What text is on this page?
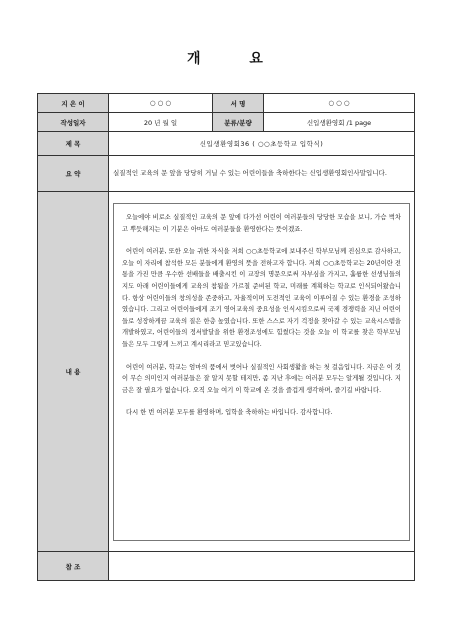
개 요
지 은 이	○ ○ ○	서 명	○ ○ ○
작성일자	20 년 월 일	분류/분량	신입생환영회 /1 page
제 목	신입생환영회36 ( ○○초등학교 입학식)		
요 약	실질적인 교육의 문 앞을 당당히 거닐 수 있는 어린이들을 축하한다는 신입생환영회인사말입니다.		
내 용	오늘에야 비로소 실질적인 교육의 문 앞에 다가선 어린이 여러분들의 당당한 모습을 보니, 가슴 벅차고 뿌듯해지는 이 기분은 아마도 여러분들을 환영한다는 뜻이겠죠.

어린이 여러분, 또한 오늘 귀한 자식을 저희 ○○초등학교에 보내주신 학부모님께 진심으로 감사하고, 오늘 이 자리에 참석한 모든 분들에게 환영의 뜻을 전하고자 합니다. 저희 ○○초등학교는 20년이란 전통을 가진 만큼 우수한 선배들을 배출시킨 이 교장의 명문으로써 자부심을 가지고, 훌륭한 선생님들의 지도 아래 어린이들에게 교육의 참됨을 가르칠 준비된 학교, 미래를 계획하는 학교로 인식되어왔습니다. 항상 어린이들의 창의성을 존중하고, 자율적이며 도전적인 교육이 이루어질 수 있는 환경을 조성하였습니다. 그리고 어린이들에게 조기 영어교육의 중요성을 인식시킴으로써 국제 경쟁력을 지닌 어린이들로 성장하게끔 교육의 질은 한층 높였습니다. 또한 스스로 자기 걱정을 찾아갈 수 있는 교육시스템을 개발하였고, 어린이들의 정서발달을 위한 환경조성에도 힘썼다는 것을 오늘 이 학교를 찾은 학부모님들은 모두 그렇게 느끼고 계시리라고 믿고있습니다.

어린이 여러분, 학교는 엄마의 품에서 벗어나 실질적인 사회생활을 하는 첫 걸음입니다. 지금은 이 것이 무슨 의미인지 여러분들은 잘 알지 못할 테지만, 좀 지난 후에는 여러분 모두는 알게될 것입니다. 지금은 잘 필요가 없습니다. 오직 오늘 여기 이 학교에 온 것을 즐겁게 생각하며, 즐기길 바랍니다.

다시 한 번 여러분 모두를 환영하며, 입학을 축하하는 바입니다. 감사합니다.		

참 조			
